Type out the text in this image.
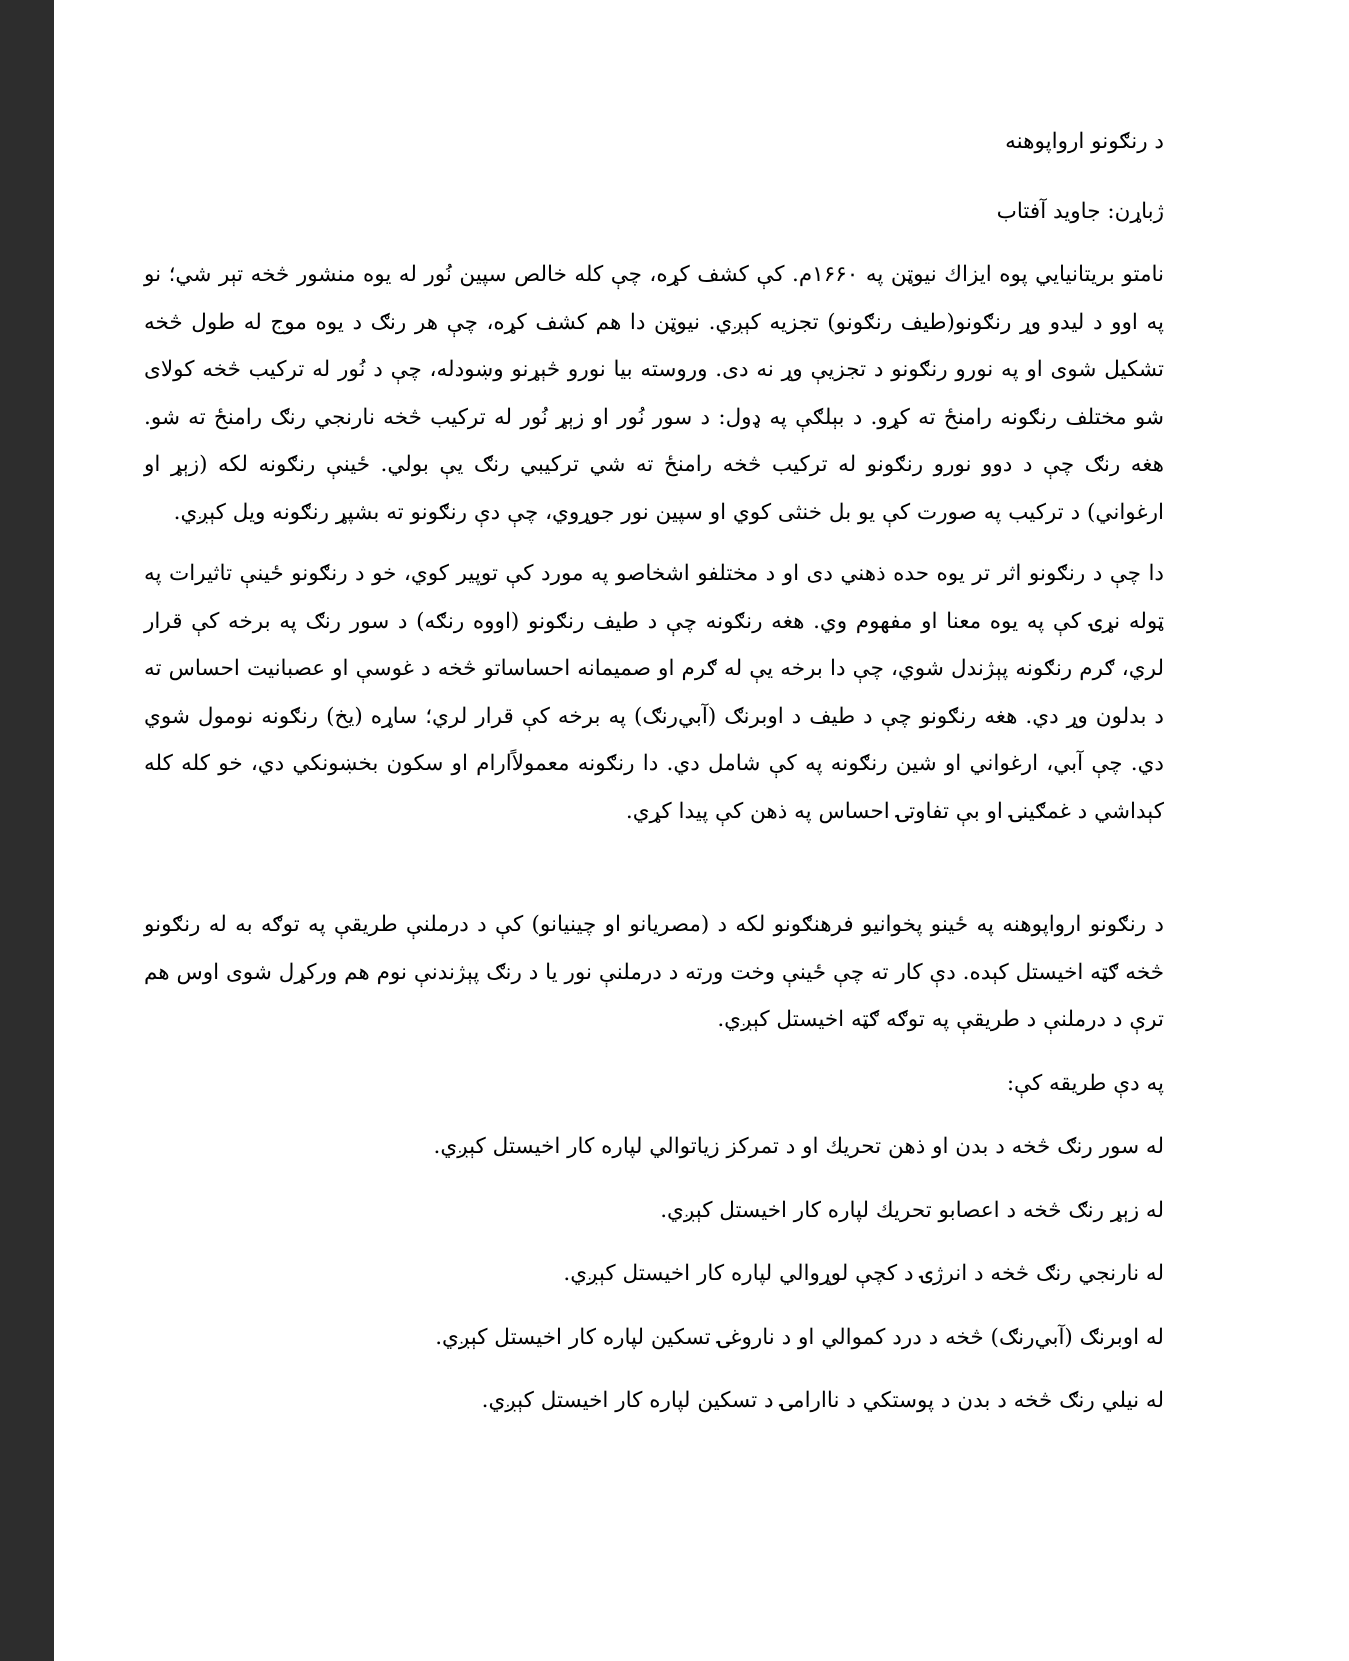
د رنګونو اروا‌پوهنه

ژباړن: جاوید آفتاب

نامتو بریتانیایي پوه ایزاك نیوټن په ۱۶۶۰م. کې کشف کړه، چې کله خالص سپین نُور له یوه منشور څخه تېر شي؛ نو په اوو د لیدو وړ رنګونو(طیف رنګونو) تجزیه کېږي. نیوټن دا هم کشف کړه، چې هر رنګ د یوه موج له طول څخه تشکیل شوی او په نورو رنګونو د تجزیې وړ نه دی. وروسته بیا نورو څېړنو وښودله، چې د نُور له ترکیب څخه کولای شو مختلف رنګونه رامنځ ته کړو. د بېلګې په ډول: د سور نُور او زېړ نُور له ترکیب څخه نارنجي رنګ رامنځ ته شو. هغه رنګ چې د دوو نورو رنګونو له ترکیب څخه رامنځ ته شي ترکیبي رنګ یې بولي. ځینې رنګونه لکه (زېړ او ارغواني) د ترکیب په صورت کې یو بل خنثی کوي او سپین نور جوړوي، چې دې رنګونو ته بشپړ رنګونه ویل کېږي.

دا چې د رنګونو اثر تر یوه حده ذهني دی او د مختلفو اشخاصو په مورد کې توپیر کوي، خو د رنګونو ځینې تاثیرات په ټوله نړۍ کې په یوه معنا او مفهوم وي. هغه رنګونه چې د طیف رنګونو (اووه رنګه) د سور رنګ په برخه کې قرار لري، ګرم رنګونه پېژندل شوي، چې دا برخه یې له ګرم او صمیمانه احساساتو څخه د غوسې او عصبانیت احساس ته د بدلون وړ دي. هغه رنګونو چې د طیف د اوبرنګ (آبي‌رنګ) په برخه کې قرار لري؛ ساړه (یخ) رنګونه نومول شوي دي. چې آبي، ارغواني او شین رنګونه په کې شامل دي. دا رنګونه معمولاًارام او سکون بخښونکي دي، خو کله کله کېداشي د غمګینۍ او بې تفاوتۍ احساس په ذهن کې پیدا کړي.

د رنګونو اروا‌پوهنه په ځینو پخوانیو فرهنګونو لکه د (مصریانو او چینیانو) کې د درملنې طریقې په توګه به له رنګونو څخه ګټه اخیستل کېده. دې کار ته چې ځینې وخت ورته د درملنې نور یا د رنګ پېژندنې نوم هم ورکړل شوی اوس هم ترې د درملنې د طریقې په توګه ګټه اخیستل کېږي.

په دې طریقه کې:

له سور رنګ څخه د بدن او ذهن تحریك او د تمرکز زیاتوالي لپاره کار اخیستل کېږي.

له زېړ رنګ څخه د اعصابو تحریك لپاره کار اخیستل کېږي.

له نارنجي رنګ څخه د انرژۍ د کچې لوړوالي لپاره کار اخیستل کېږي.

له اوبرنګ (آبي‌رنګ) څخه د درد کموالي او د ناروغۍ تسکین لپاره کار اخیستل کېږي.

له نیلي رنګ څخه د بدن د پوستکي د ناارامۍ د تسکین لپاره کار اخیستل کېږي.
